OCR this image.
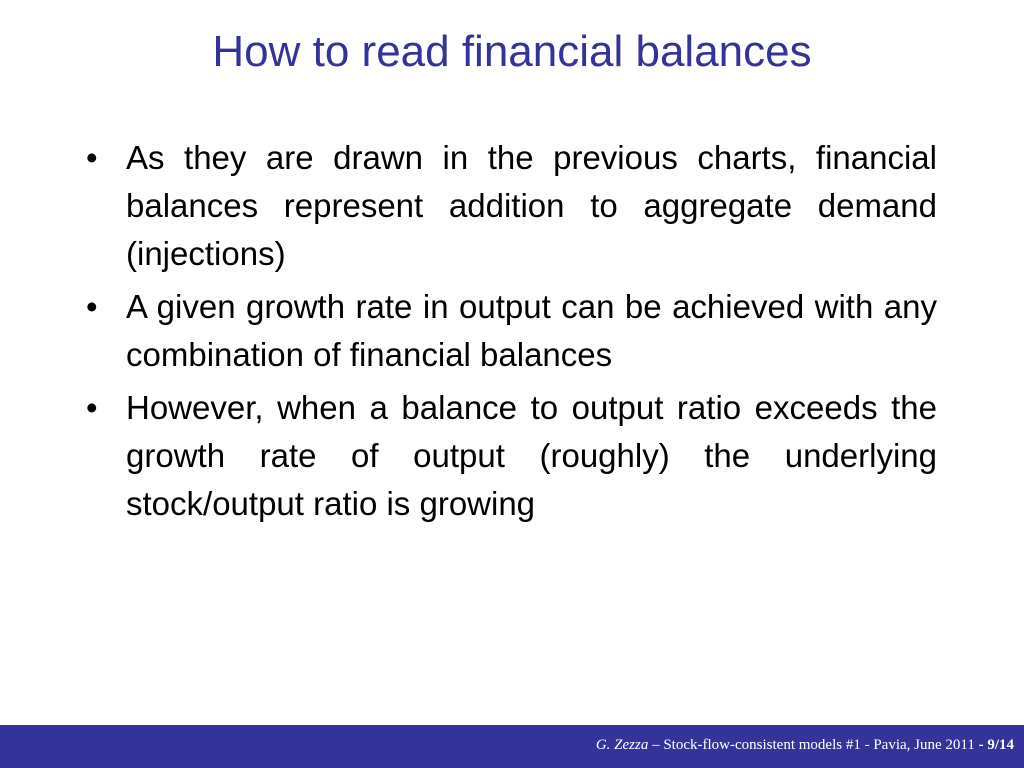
How to read financial balances
• As they are drawn in the previous charts, financial balances represent addition to aggregate demand (injections)
• A given growth rate in output can be achieved with any combination of financial balances
• However, when a balance to output ratio exceeds the growth rate of output (roughly) the underlying stock/output ratio is growing
G. Zezza – Stock-flow-consistent models #1 - Pavia, June 2011 - 9/14
